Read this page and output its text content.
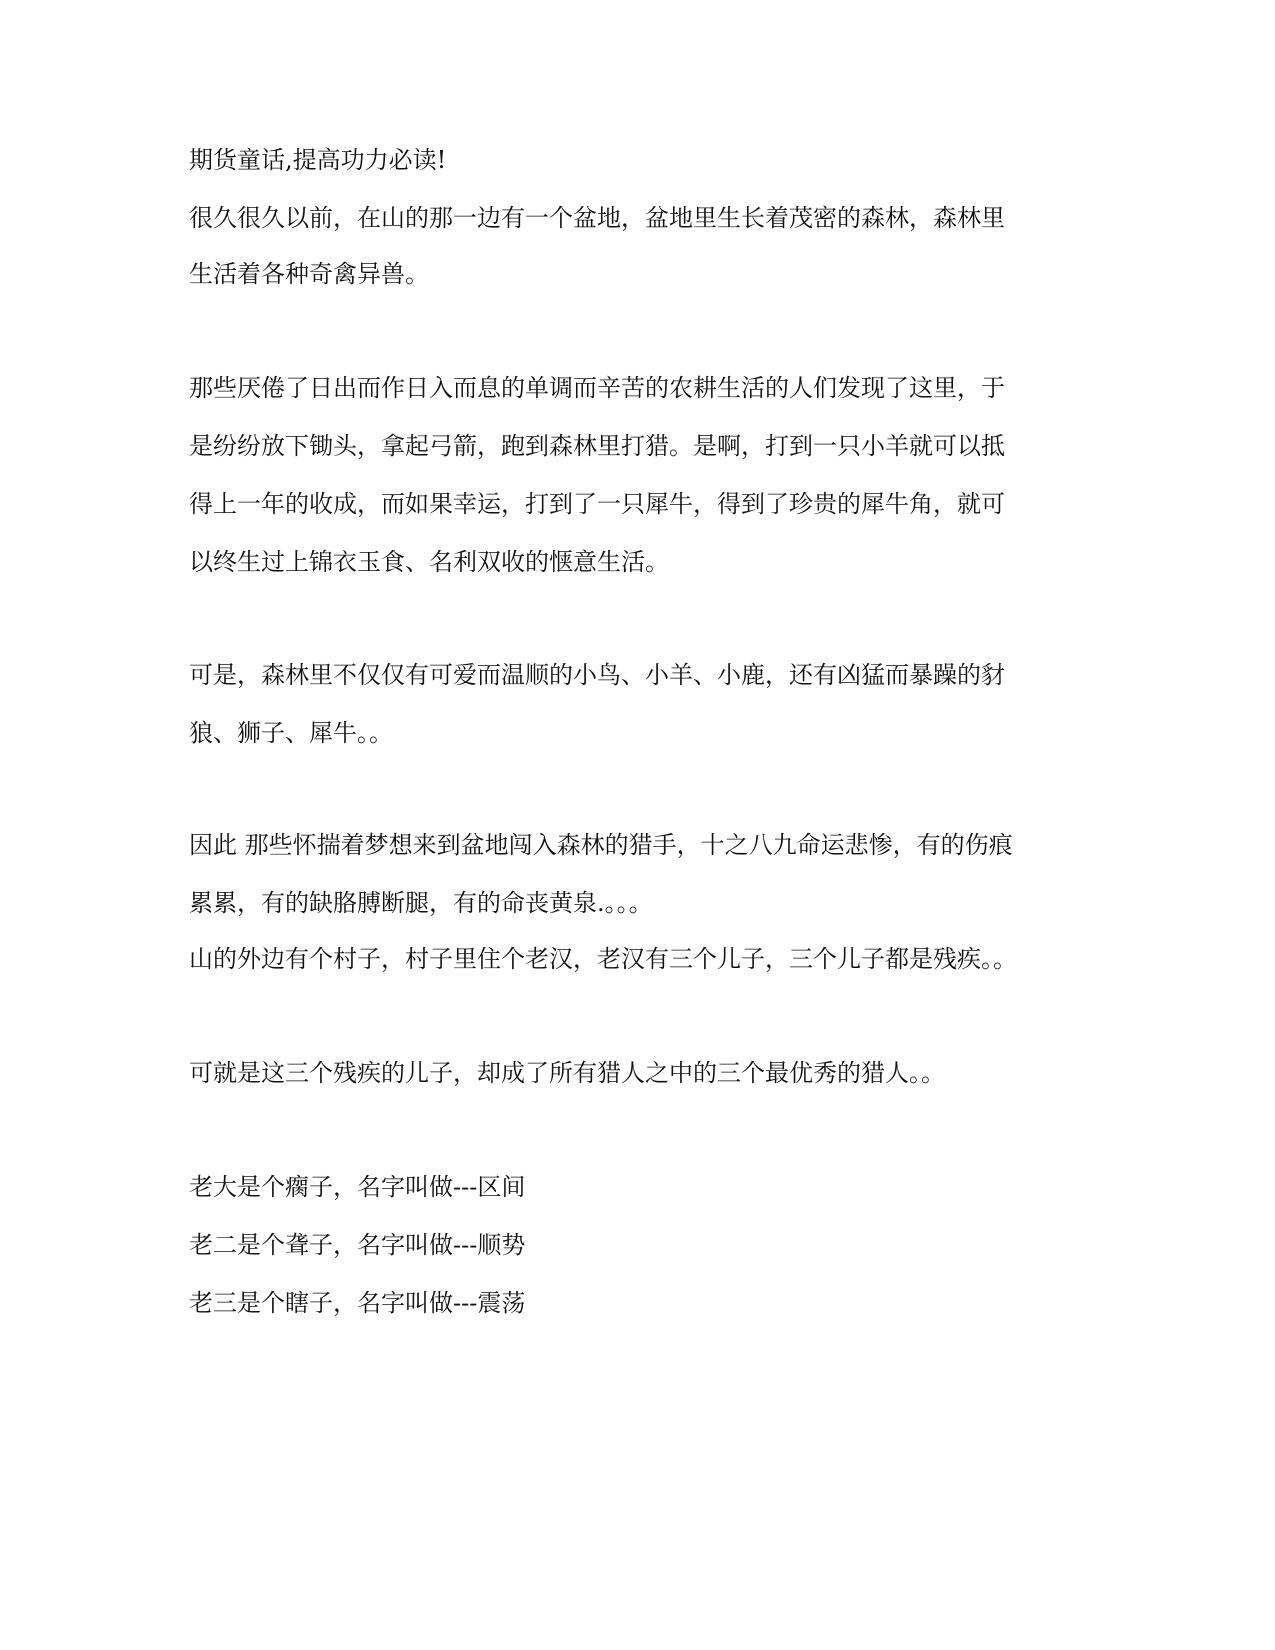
期货童话,提高功力必读!

很久很久以前，在山的那一边有一个盆地，盆地里生长着茂密的森林，森林里

生活着各种奇禽异兽。

那些厌倦了日出而作日入而息的单调而辛苦的农耕生活的人们发现了这里，于

是纷纷放下锄头，拿起弓箭，跑到森林里打猎。是啊，打到一只小羊就可以抵

得上一年的收成，而如果幸运，打到了一只犀牛，得到了珍贵的犀牛角，就可

以终生过上锦衣玉食、名利双收的惬意生活。

可是，森林里不仅仅有可爱而温顺的小鸟、小羊、小鹿，还有凶猛而暴躁的豺

狼、狮子、犀牛。。

因此 那些怀揣着梦想来到盆地闯入森林的猎手，十之八九命运悲惨，有的伤痕

累累，有的缺胳膊断腿，有的命丧黄泉.。。。

山的外边有个村子，村子里住个老汉，老汉有三个儿子，三个儿子都是残疾。。

可就是这三个残疾的儿子，却成了所有猎人之中的三个最优秀的猎人。。

老大是个瘸子，名字叫做---区间

老二是个聋子，名字叫做---顺势

老三是个瞎子，名字叫做---震荡
